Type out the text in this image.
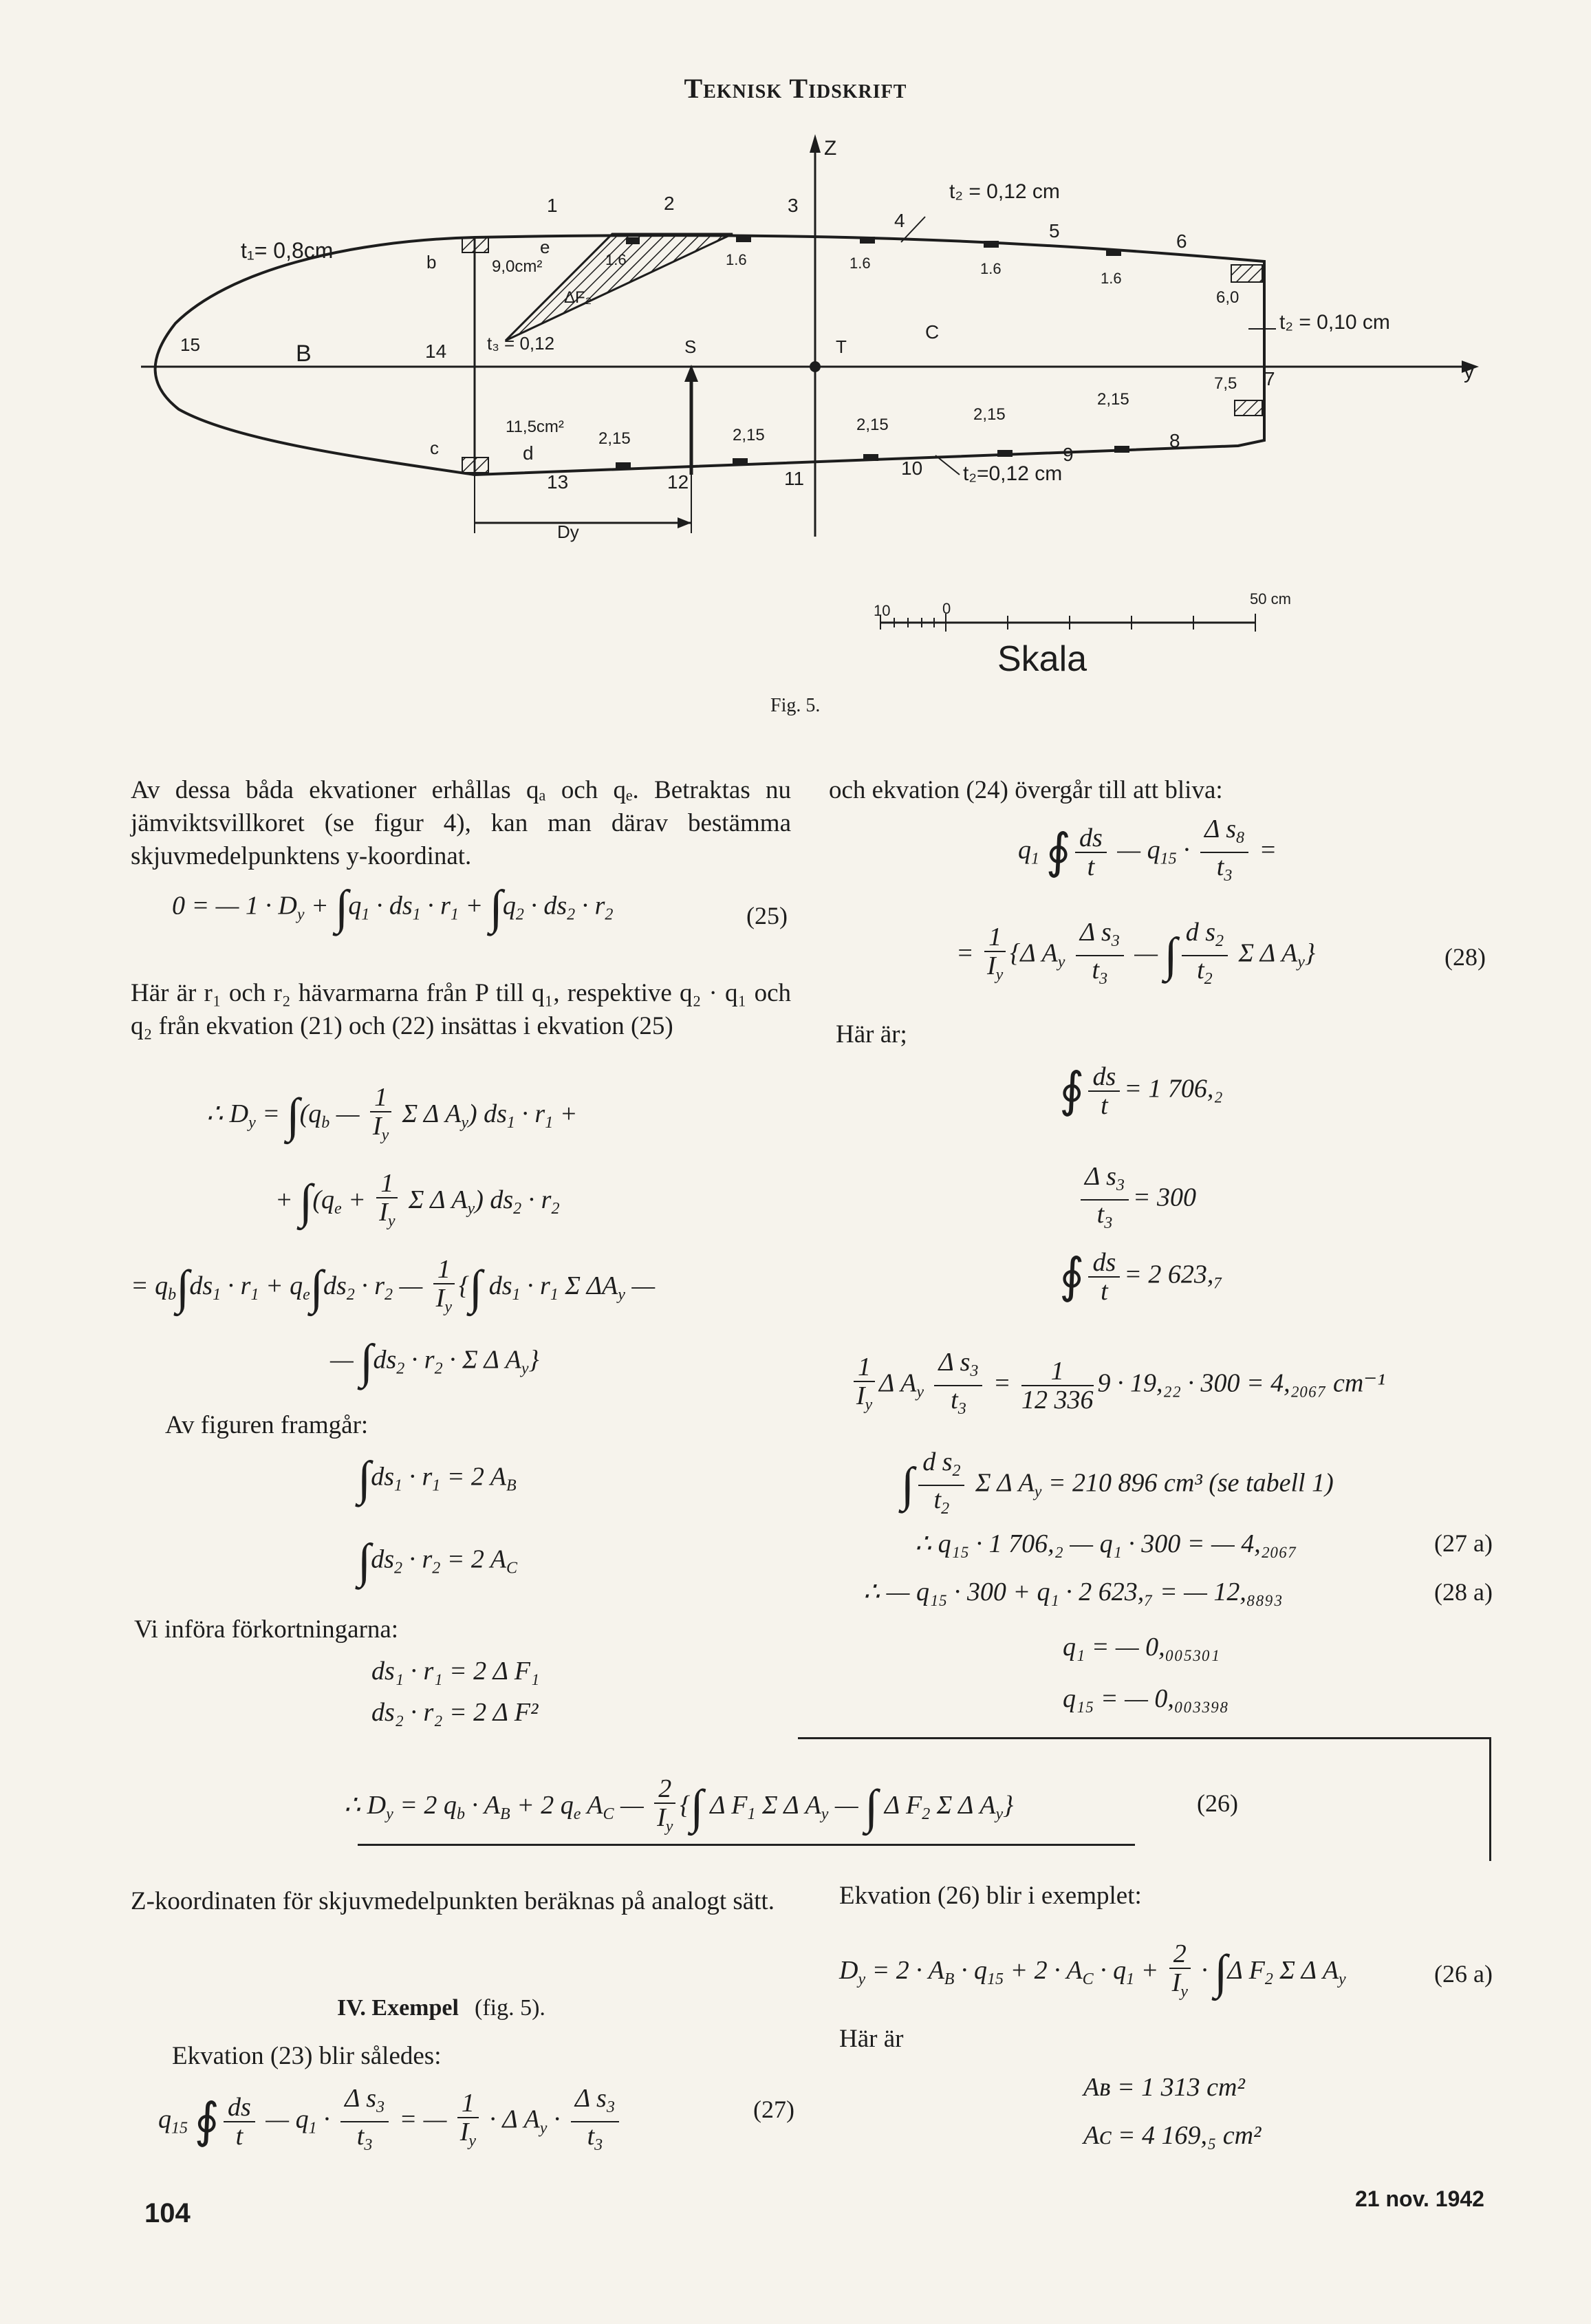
Teknisk Tidskrift
t₁= 0,8cm
t₂ = 0,12 cm
t₂ = 0,10 cm
t₂=0,12 cm
t₃ = 0,12
9,0cm²
11,5cm²
6,0
7,5
1	2	3
4	5	6
7
8
9
10
11
12
13
14
15
1.6	1.6	1.6
1.6
1.6
2,15	2,15
2,15
2,15
2,15
b
e
c	d
B
C
S	T
ΔF₂
Z
y
Dy
10	0
50 cm
Skala
Fig. 5.
Av dessa båda ekvationer erhållas qₐ och qₑ. Betraktas nu jämviktsvillkoret (se figur 4), kan man därav bestämma skjuvmedelpunktens y-koordinat.
0 = — $1 \cdot D_y + \int q_1 \cdot ds_1 \cdot r_1 + \int q_2 \cdot ds_2 \cdot r_2$	(25)
Här är r₁ och r₂ hävarmarna från P till q₁, respektive q₂ · q₁ och q₂ från ekvation (21) och (22) insättas i ekvation (25)
∴ $D_y = \int(q_b$ — $\frac{1}{I_y}$ Σ Δ $A_y$) $ds_1 \cdot r_1$ +
+ $\int(q_e + \frac{1}{I_y}$ Σ Δ $A_y$) $ds_2 \cdot r_2$
= $q_b\int ds_1 \cdot r_1 + q_e\int ds_2 \cdot r_2$ — $\frac{1}{I_y}$ {∫ $ds_1 \cdot r_1$ Σ $\Delta A_y$ —
— $\int ds_2 \cdot r_2 \cdot \Sigma$ Δ $A_y$}
Av figuren framgår:
$\int ds_1 \cdot r_1 = 2$ $A_B$
$\int ds_2 \cdot r_2 = 2$ $A_C$
Vi införa förkortningarna:
ds₁ · r₁ = 2 Δ F₁
ds₂ · r₂ = 2 Δ F²
∴ $D_y = 2$ $q_b \cdot A_B + 2$ $q_e$ $A_C$ — $\frac{2}{I_y}$ {∫ Δ $F_1$ Σ Δ $A_y$ — ∫ Δ $F_2$ Σ Δ $A_y$}	(26)
Z-koordinaten för skjuvmedelpunkten beräknas på analogt sätt.
IV. Exempel (fig. 5).
Ekvation (23) blir således:
$q_{15}$ ∮ $\frac{ds}{t}$ — $q_1 \cdot \frac{\Delta s_3}{t_3}$ = — $\frac{1}{I_y} \cdot \Delta$ $A_y \cdot \frac{\Delta s_3}{t_3}$	(27)
och ekvation (24) övergår till att bliva:
$q_1$ ∮ $\frac{ds}{t}$ — $q_{15} \cdot \frac{\Delta s_8}{t_3}$ =
= $\frac{1}{I_y} \{\Delta$ $A_y \frac{\Delta s_3}{t_3}$ — ∫ $\frac{d s_2}{t_2}$ Σ Δ $A_y$}	(28)
Här är;
∮ $\frac{ds}{t} = 1$ 706,₂
$\frac{\Delta s_3}{t_3} = 300$
∮ $\frac{ds}{t} = 2$ 623,₇
$\frac{1}{I_y}$ Δ $A_y \frac{\Delta s_3}{t_3} = \frac{1}{12 336} 9 \cdot 19,_{22} \cdot 300 = 4,_{2067}$ cm⁻¹
∫ $\frac{d s_2}{t_2}$ Σ Δ $A_y = 210$ 896 cm³ (se tabell 1)
∴ q₁₅ · 1 706,₂ — q₁ · 300 = — 4,₂₀₆₇	(27 a)
∴ — q₁₅ · 300 + q₁ · 2 623,₇ = — 12,₈₈₉₃	(28 a)
q₁ = — 0,₀₀₅₃₀₁
q₁₅ = — 0,₀₀₃₃₉₈
Ekvation (26) blir i exemplet:
$D_y = 2 \cdot A_B \cdot q_{15} + 2 \cdot A_C \cdot q_1 + \frac{2}{I_y} \cdot \int\Delta$ $F_2$ Σ Δ $A_y$	(26 a)
Här är
Aʙ = 1 313 cm²
Aᴄ = 4 169,₅ cm²
104	21 nov. 1942
